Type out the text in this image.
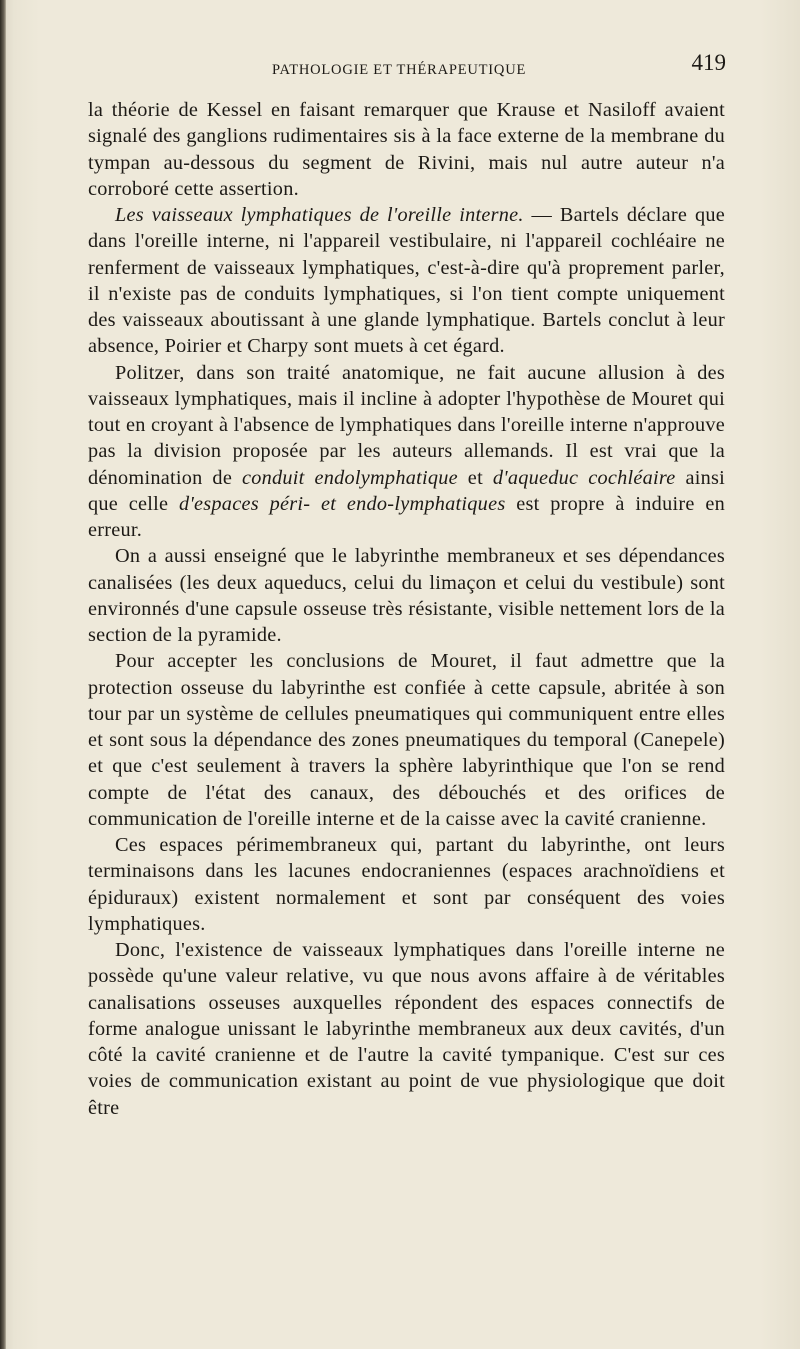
PATHOLOGIE ET THÉRAPEUTIQUE	419

la théorie de Kessel en faisant remarquer que Krause et Nasiloff avaient signalé des ganglions rudimentaires sis à la face externe de la membrane du tympan au-dessous du segment de Rivini, mais nul autre auteur n'a corroboré cette assertion.

Les vaisseaux lymphatiques de l'oreille interne. — Bartels déclare que dans l'oreille interne, ni l'appareil vestibulaire, ni l'appareil cochléaire ne renferment de vaisseaux lymphatiques, c'est-à-dire qu'à proprement parler, il n'existe pas de conduits lymphatiques, si l'on tient compte uniquement des vaisseaux aboutissant à une glande lymphatique. Bartels conclut à leur absence, Poirier et Charpy sont muets à cet égard.

Politzer, dans son traité anatomique, ne fait aucune allusion à des vaisseaux lymphatiques, mais il incline à adopter l'hypothèse de Mouret qui tout en croyant à l'absence de lymphatiques dans l'oreille interne n'approuve pas la division proposée par les auteurs allemands. Il est vrai que la dénomination de conduit endolymphatique et d'aqueduc cochléaire ainsi que celle d'espaces péri- et endo-lymphatiques est propre à induire en erreur.

On a aussi enseigné que le labyrinthe membraneux et ses dépendances canalisées (les deux aqueducs, celui du limaçon et celui du vestibule) sont environnés d'une capsule osseuse très résistante, visible nettement lors de la section de la pyramide.

Pour accepter les conclusions de Mouret, il faut admettre que la protection osseuse du labyrinthe est confiée à cette capsule, abritée à son tour par un système de cellules pneumatiques qui communiquent entre elles et sont sous la dépendance des zones pneumatiques du temporal (Canepele) et que c'est seulement à travers la sphère labyrinthique que l'on se rend compte de l'état des canaux, des débouchés et des orifices de communication de l'oreille interne et de la caisse avec la cavité cranienne.

Ces espaces périmembraneux qui, partant du labyrinthe, ont leurs terminaisons dans les lacunes endocraniennes (espaces arachnoïdiens et épiduraux) existent normalement et sont par conséquent des voies lymphatiques.

Donc, l'existence de vaisseaux lymphatiques dans l'oreille interne ne possède qu'une valeur relative, vu que nous avons affaire à de véritables canalisations osseuses auxquelles répondent des espaces connectifs de forme analogue unissant le labyrinthe membraneux aux deux cavités, d'un côté la cavité cranienne et de l'autre la cavité tympanique. C'est sur ces voies de communication existant au point de vue physiologique que doit être
